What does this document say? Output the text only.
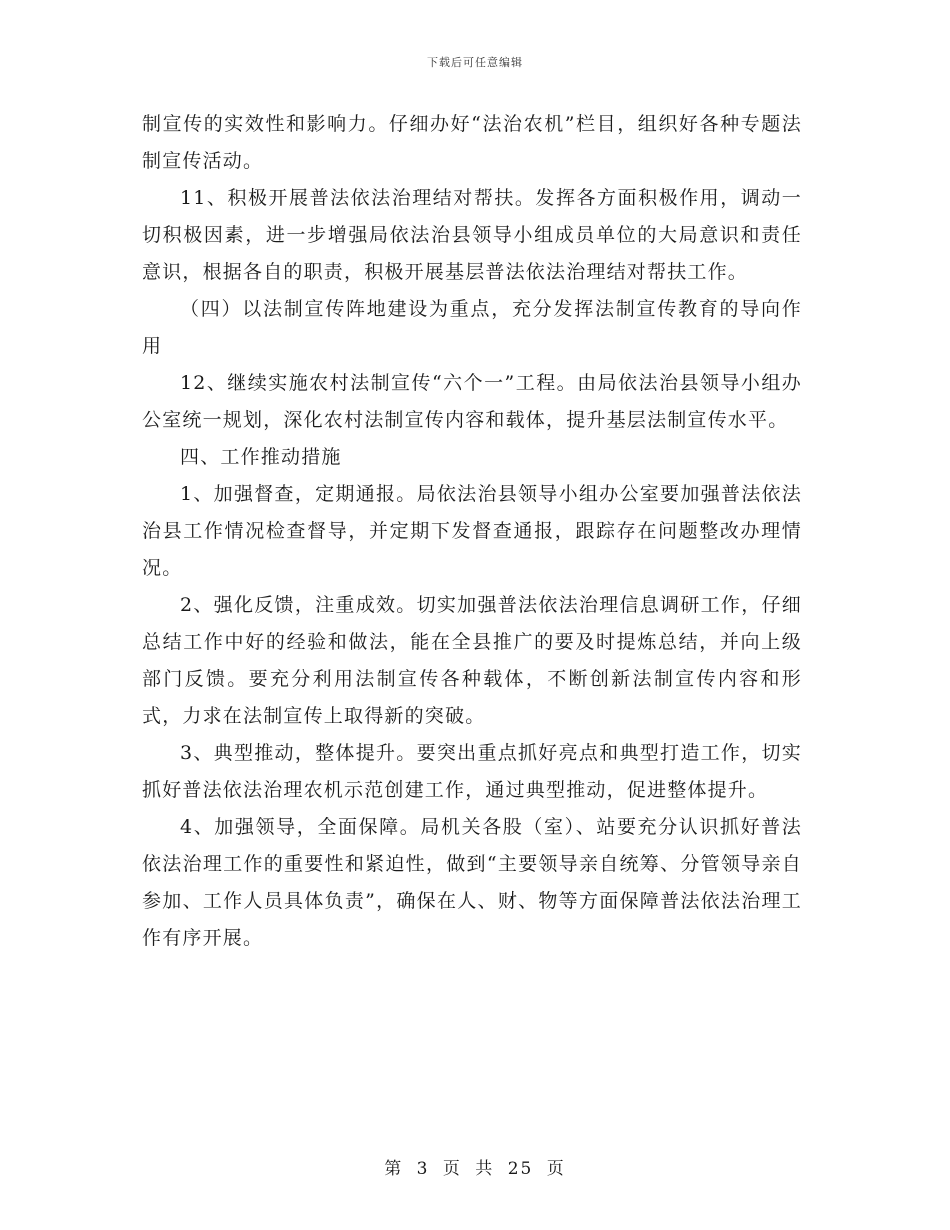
下载后可任意编辑

制宣传的实效性和影响力。仔细办好“法治农机”栏目，组织好各种专题法制宣传活动。

11、积极开展普法依法治理结对帮扶。发挥各方面积极作用，调动一切积极因素，进一步增强局依法治县领导小组成员单位的大局意识和责任意识，根据各自的职责，积极开展基层普法依法治理结对帮扶工作。

（四）以法制宣传阵地建设为重点，充分发挥法制宣传教育的导向作用

12、继续实施农村法制宣传“六个一”工程。由局依法治县领导小组办公室统一规划，深化农村法制宣传内容和载体，提升基层法制宣传水平。

四、工作推动措施

1、加强督查，定期通报。局依法治县领导小组办公室要加强普法依法治县工作情况检查督导，并定期下发督查通报，跟踪存在问题整改办理情况。

2、强化反馈，注重成效。切实加强普法依法治理信息调研工作，仔细总结工作中好的经验和做法，能在全县推广的要及时提炼总结，并向上级部门反馈。要充分利用法制宣传各种载体，不断创新法制宣传内容和形式，力求在法制宣传上取得新的突破。

3、典型推动，整体提升。要突出重点抓好亮点和典型打造工作，切实抓好普法依法治理农机示范创建工作，通过典型推动，促进整体提升。

4、加强领导，全面保障。局机关各股（室）、站要充分认识抓好普法依法治理工作的重要性和紧迫性，做到“主要领导亲自统筹、分管领导亲自参加、工作人员具体负责”，确保在人、财、物等方面保障普法依法治理工作有序开展。

第 3 页 共 25 页
